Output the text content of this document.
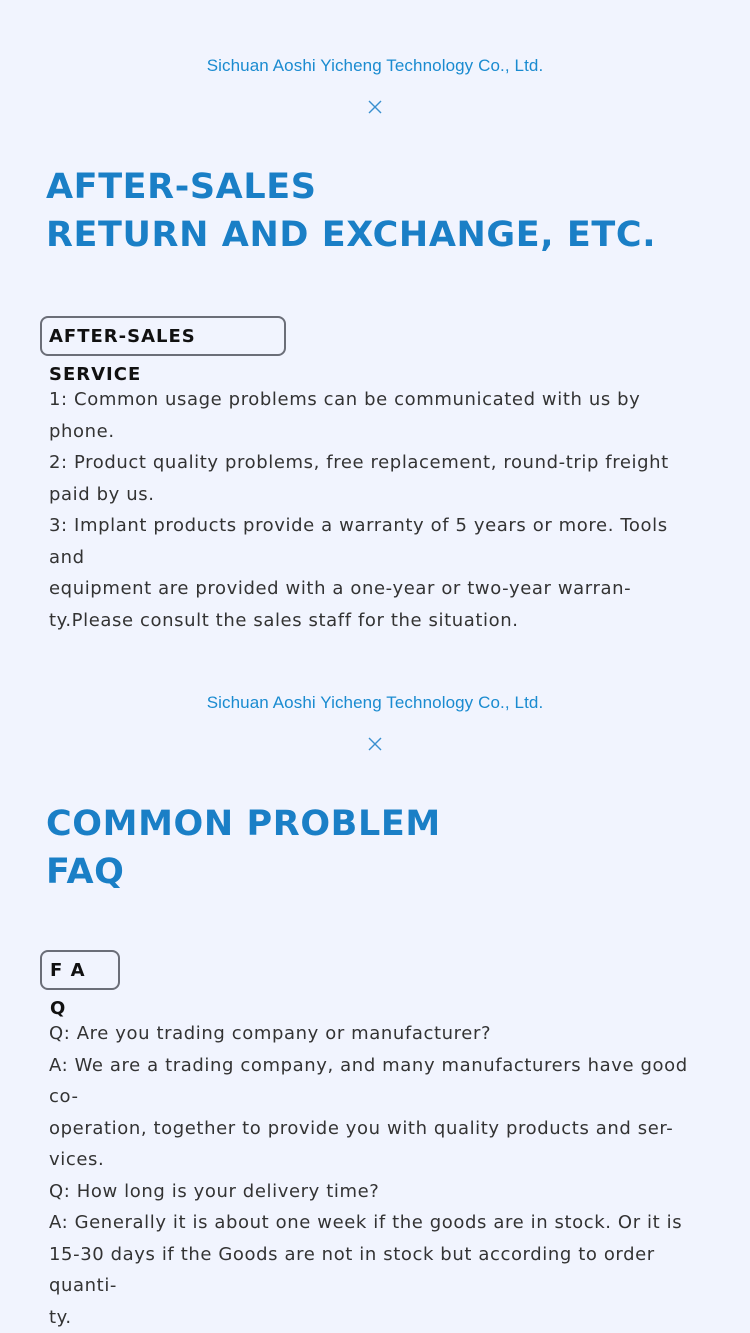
Sichuan Aoshi Yicheng Technology Co., Ltd.
AFTER-SALES
RETURN AND EXCHANGE, ETC.
AFTER-SALES SERVICE
1: Common usage problems can be communicated with us by phone.
2: Product quality problems, free replacement, round-trip freight
paid by us.
3: Implant products provide a warranty of 5 years or more. Tools and
equipment are provided with a one-year or two-year warran-
ty.Please consult the sales staff for the situation.
Sichuan Aoshi Yicheng Technology Co., Ltd.
COMMON PROBLEM
FAQ
F A Q
Q: Are you trading company or manufacturer?
A: We are a trading company, and many manufacturers have good co-
operation, together to provide you with quality products and ser-
vices.
Q: How long is your delivery time?
A: Generally it is about one week if the goods are in stock. Or it is
15-30 days if the Goods are not in stock but according to order quanti-
ty.
